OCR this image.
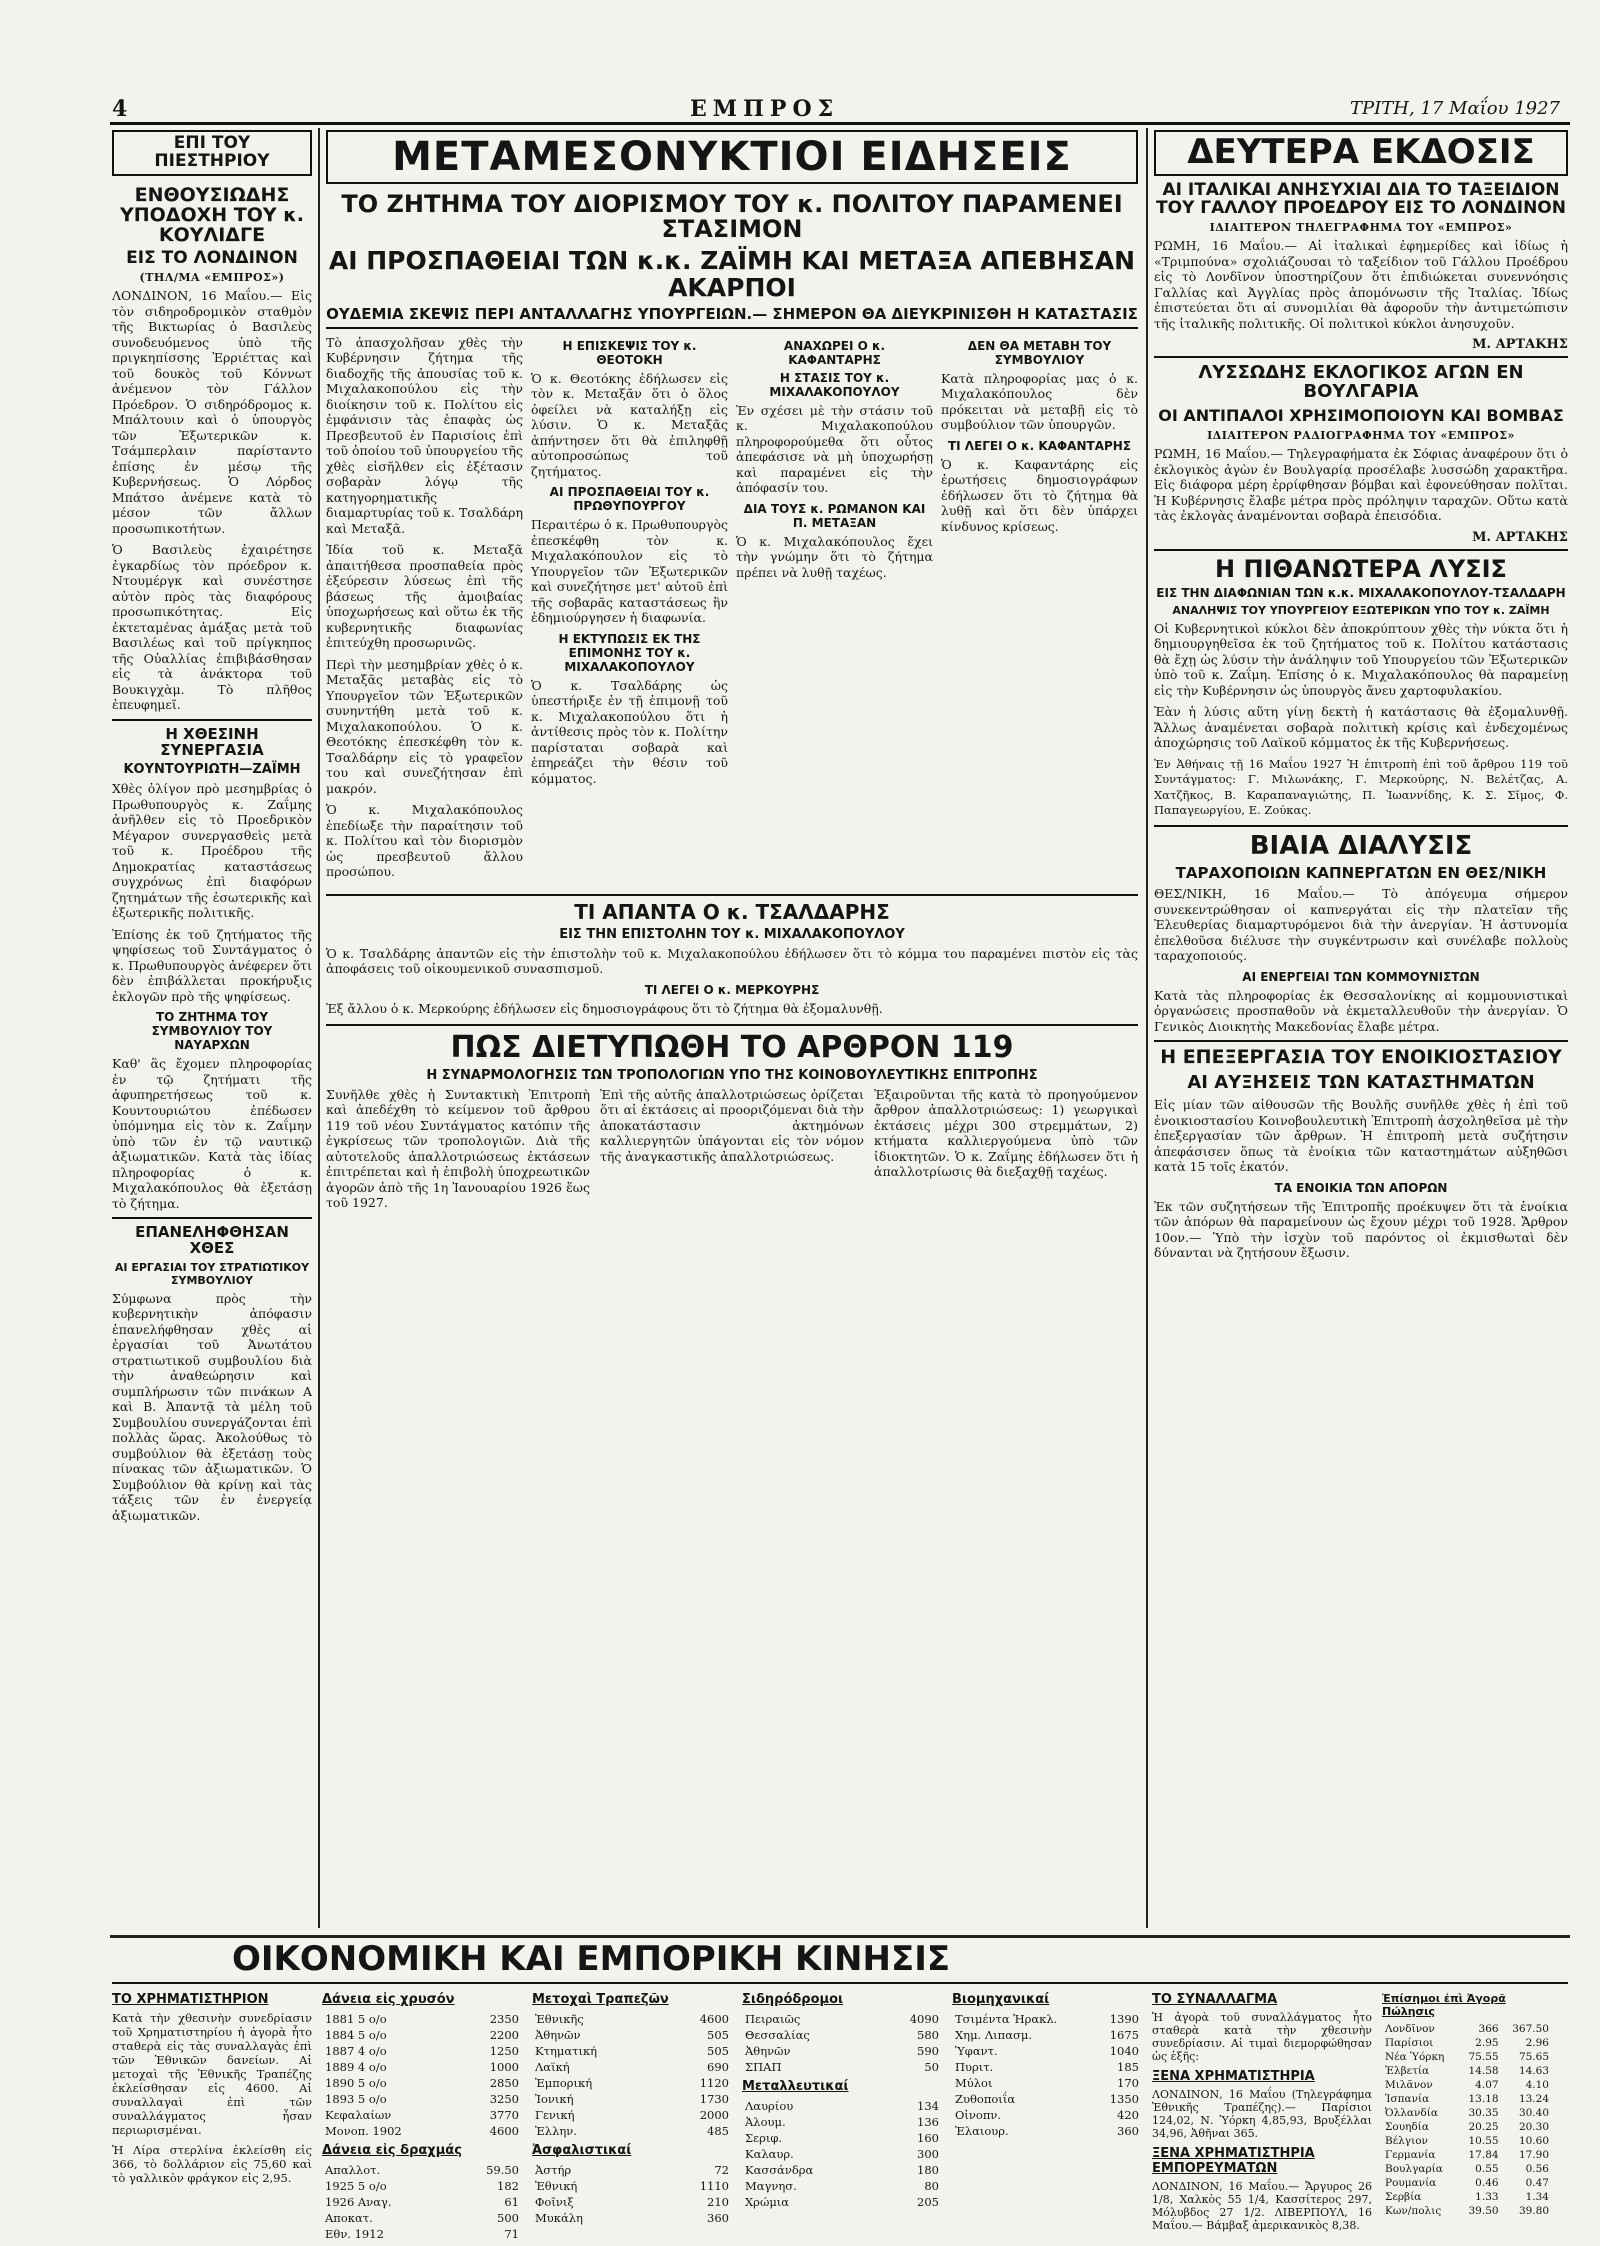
4	ΕΜΠΡΟΣ	ΤΡΙΤΗ, 17 Μαΐου 1927
ΕΠΙ ΤΟΥ ΠΙΕΣΤΗΡΙΟΥ
ΕΝΘΟΥΣΙΩΔΗΣ ΥΠΟΔΟΧΗ ΤΟΥ κ. ΚΟΥΛΙΔΓΕ
ΕΙΣ ΤΟ ΛΟΝΔΙΝΟΝ
(ΤΗΛ/ΜΑ «ΕΜΠΡΟΣ»)

ΛΟΝΔΙΝΟΝ, 16 Μαΐου.— Εἰς τὸν σιδηροδρομικὸν σταθμὸν τῆς Βικτωρίας ὁ Βασιλεὺς συνοδευόμενος ὑπὸ τῆς πριγκηπίσσης Ἐρριέττας καὶ τοῦ δουκὸς τοῦ Κόννωτ ἀνέμενον τὸν Γάλλον Πρόεδρον. Ὁ σιδηρόδρομος κ. Μπάλτουιν καὶ ὁ ὑπουργὸς τῶν Ἐξωτερικῶν κ. Τσάμπερλαιν παρίσταντο ἐπίσης ἐν μέσῳ τῆς Κυβερνήσεως. Ὁ Λόρδος Μπάτσο ἀνέμενε κατὰ τὸ μέσον τῶν ἄλλων προσωπικοτήτων.

Ὁ Βασιλεὺς ἐχαιρέτησε ἐγκαρδίως τὸν πρόεδρον κ. Ντουμέργκ καὶ συνέστησε αὐτὸν πρὸς τὰς διαφόρους προσωπικότητας. Εἰς ἐκτεταμένας ἀμάξας μετὰ τοῦ Βασιλέως καὶ τοῦ πρίγκηπος τῆς Οὐαλλίας ἐπιβιβάσθησαν εἰς τὰ ἀνάκτορα τοῦ Βουκιγχὰμ. Τὸ πλῆθος ἐπευφημεῖ.

Η ΧΘΕΣΙΝΗ ΣΥΝΕΡΓΑΣΙΑ
ΚΟΥΝΤΟΥΡΙΩΤΗ—ΖΑΪΜΗ

Χθὲς ὀλίγον πρὸ μεσημβρίας ὁ Πρωθυπουργὸς κ. Ζαΐμης ἀνῆλθεν εἰς τὸ Προεδρικὸν Μέγαρον συνεργασθεὶς μετὰ τοῦ κ. Προέδρου τῆς Δημοκρατίας καταστάσεως συγχρόνως ἐπὶ διαφόρων ζητημάτων τῆς ἐσωτερικῆς καὶ ἐξωτερικῆς πολιτικῆς.

Ἐπίσης ἐκ τοῦ ζητήματος τῆς ψηφίσεως τοῦ Συντάγματος ὁ κ. Πρωθυπουργὸς ἀνέφερεν ὅτι δὲν ἐπιβάλλεται προκήρυξις ἐκλογῶν πρὸ τῆς ψηφίσεως.

ΤΟ ΖΗΤΗΜΑ ΤΟΥ ΣΥΜΒΟΥΛΙΟΥ ΤΟΥ ΝΑΥΑΡΧΩΝ

Καθ' ἃς ἔχομεν πληροφορίας ἐν τῷ ζητήματι τῆς ἀφυπηρετήσεως τοῦ κ. Κουντουριώτου ἐπέδωσεν ὑπόμνημα εἰς τὸν κ. Ζαΐμην ὑπὸ τῶν ἐν τῷ ναυτικῷ ἀξιωματικῶν. Κατὰ τὰς ἰδίας πληροφορίας ὁ κ. Μιχαλακόπουλος θὰ ἐξετάσῃ τὸ ζήτημα.

ΕΠΑΝΕΛΗΦΘΗΣΑΝ ΧΘΕΣ
ΑΙ ΕΡΓΑΣΙΑΙ ΤΟΥ ΣΤΡΑΤΙΩΤΙΚΟΥ ΣΥΜΒΟΥΛΙΟΥ

Σύμφωνα πρὸς τὴν κυβερνητικὴν ἀπόφασιν ἐπανελήφθησαν χθὲς αἱ ἐργασίαι τοῦ Ἀνωτάτου στρατιωτικοῦ συμβουλίου διὰ τὴν ἀναθεώρησιν καὶ συμπλήρωσιν τῶν πινάκων Α καὶ Β. Ἀπαντᾷ τὰ μέλη τοῦ Συμβουλίου συνεργάζονται ἐπὶ πολλὰς ὥρας. Ἀκολούθως τὸ συμβούλιον θὰ ἐξετάσῃ τοὺς πίνακας τῶν ἀξιωματικῶν. Ὁ Συμβούλιον θὰ κρίνῃ καὶ τὰς τάξεις τῶν ἐν ἐνεργείᾳ ἀξιωματικῶν.

ΜΕΤΑΜΕΣΟΝΥΚΤΙΟΙ ΕΙΔΗΣΕΙΣ
ΤΟ ΖΗΤΗΜΑ ΤΟΥ ΔΙΟΡΙΣΜΟΥ ΤΟΥ κ. ΠΟΛΙΤΟΥ ΠΑΡΑΜΕΝΕΙ ΣΤΑΣΙΜΟΝ
ΑΙ ΠΡΟΣΠΑΘΕΙΑΙ ΤΩΝ κ.κ. ΖΑΪΜΗ ΚΑΙ ΜΕΤΑΞΑ ΑΠΕΒΗΣΑΝ ΑΚΑΡΠΟΙ
ΟΥΔΕΜΙΑ ΣΚΕΨΙΣ ΠΕΡΙ ΑΝΤΑΛΛΑΓΗΣ ΥΠΟΥΡΓΕΙΩΝ.— ΣΗΜΕΡΟΝ ΘΑ ΔΙΕΥΚΡΙΝΙΣΘΗ Η ΚΑΤΑΣΤΑΣΙΣ

Τὸ ἀπασχολῆσαν χθὲς τὴν Κυβέρνησιν ζήτημα τῆς διαδοχῆς τῆς ἀπουσίας τοῦ κ. Μιχαλακοπούλου εἰς τὴν διοίκησιν τοῦ κ. Πολίτου εἰς ἐμφάνισιν τὰς ἐπαφὰς ὡς Πρεσβευτοῦ ἐν Παρισίοις ἐπὶ τοῦ ὁποίου τοῦ ὑπουργείου τῆς χθὲς εἰσῆλθεν εἰς ἐξέτασιν σοβαρὰν λόγῳ τῆς κατηγορηματικῆς διαμαρτυρίας τοῦ κ. Τσαλδάρη καὶ Μεταξᾶ.

Ἰδία τοῦ κ. Μεταξᾶ ἀπαιτήθεσα προσπαθεία πρὸς ἐξεύρεσιν λύσεως ἐπὶ τῆς βάσεως τῆς ἀμοιβαίας ὑποχωρήσεως καὶ οὕτω ἐκ τῆς κυβερνητικῆς διαφωνίας ἐπιτεύχθη προσωρινῶς.

Περὶ τὴν μεσημβρίαν χθὲς ὁ κ. Μεταξᾶς μεταβὰς εἰς τὸ Υπουργεῖον τῶν Ἐξωτερικῶν συνηντήθη μετὰ τοῦ κ. Μιχαλακοπούλου. Ὁ κ. Θεοτόκης ἐπεσκέφθη τὸν κ. Τσαλδάρην εἰς τὸ γραφεῖον του καὶ συνεζήτησαν ἐπὶ μακρόν.

Ὁ κ. Μιχαλακόπουλος ἐπεδίωξε τὴν παραίτησιν τοῦ κ. Πολίτου καὶ τὸν διορισμὸν ὡς πρεσβευτοῦ ἄλλου προσώπου.

Η ΕΠΙΣΚΕΨΙΣ ΤΟΥ κ. ΘΕΟΤΟΚΗ

Ὁ κ. Θεοτόκης ἐδήλωσεν εἰς τὸν κ. Μεταξᾶν ὅτι ὁ ὅλος ὀφείλει νὰ καταλήξῃ εἰς λύσιν. Ὁ κ. Μεταξᾶς ἀπήντησεν ὅτι θὰ ἐπιληφθῇ αὐτοπροσώπως τοῦ ζητήματος.

ΑΙ ΠΡΟΣΠΑΘΕΙΑΙ ΤΟΥ κ. ΠΡΩΘΥΠΟΥΡΓΟΥ

Περαιτέρω ὁ κ. Πρωθυπουργὸς ἐπεσκέφθη τὸν κ. Μιχαλακόπουλον εἰς τὸ Υπουργεῖον τῶν Ἐξωτερικῶν καὶ συνεζήτησε μετ' αὐτοῦ ἐπὶ τῆς σοβαρᾶς καταστάσεως ἣν ἐδημιούργησεν ἡ διαφωνία.

Η ΕΚΤΥΠΩΣΙΣ ΕΚ ΤΗΣ ΕΠΙΜΟΝΗΣ ΤΟΥ κ. ΜΙΧΑΛΑΚΟΠΟΥΛΟΥ

Ὁ κ. Τσαλδάρης ὡς ὑπεστήριξε ἐν τῇ ἐπιμονῇ τοῦ κ. Μιχαλακοπούλου ὅτι ἡ ἀντίθεσις πρὸς τὸν κ. Πολίτην παρίσταται σοβαρὰ καὶ ἐπηρεάζει τὴν θέσιν τοῦ κόμματος.

ΑΝΑΧΩΡΕΙ Ο κ. ΚΑΦΑΝΤΑΡΗΣ
Η ΣΤΑΣΙΣ ΤΟΥ κ. ΜΙΧΑΛΑΚΟΠΟΥΛΟΥ

Ἐν σχέσει μὲ τὴν στάσιν τοῦ κ. Μιχαλακοπούλου πληροφορούμεθα ὅτι οὗτος ἀπεφάσισε νὰ μὴ ὑποχωρήσῃ καὶ παραμένει εἰς τὴν ἀπόφασίν του.

ΔΙΑ ΤΟΥΣ κ. ΡΩΜΑΝΟΝ ΚΑΙ Π. ΜΕΤΑΞΑΝ

Ὁ κ. Μιχαλακόπουλος ἔχει τὴν γνώμην ὅτι τὸ ζήτημα πρέπει νὰ λυθῇ ταχέως.

ΔΕΝ ΘΑ ΜΕΤΑΒΗ ΤΟΥ ΣΥΜΒΟΥΛΙΟΥ

Κατὰ πληροφορίας μας ὁ κ. Μιχαλακόπουλος δὲν πρόκειται νὰ μεταβῇ εἰς τὸ συμβούλιον τῶν ὑπουργῶν.

ΤΙ ΛΕΓΕΙ Ο κ. ΚΑΦΑΝΤΑΡΗΣ

Ὁ κ. Καφαντάρης εἰς ἐρωτήσεις δημοσιογράφων ἐδήλωσεν ὅτι τὸ ζήτημα θὰ λυθῇ καὶ ὅτι δὲν ὑπάρχει κίνδυνος κρίσεως.

ΤΙ ΑΠΑΝΤΑ Ο κ. ΤΣΑΛΔΑΡΗΣ
ΕΙΣ ΤΗΝ ΕΠΙΣΤΟΛΗΝ ΤΟΥ κ. ΜΙΧΑΛΑΚΟΠΟΥΛΟΥ

Ὁ κ. Τσαλδάρης ἀπαντῶν εἰς τὴν ἐπιστολὴν τοῦ κ. Μιχαλακοπούλου ἐδήλωσεν ὅτι τὸ κόμμα του παραμένει πιστὸν εἰς τὰς ἀποφάσεις τοῦ οἰκουμενικοῦ συνασπισμοῦ.

ΤΙ ΛΕΓΕΙ Ο κ. ΜΕΡΚΟΥΡΗΣ

Ἐξ ἄλλου ὁ κ. Μερκούρης ἐδήλωσεν εἰς δημοσιογράφους ὅτι τὸ ζήτημα θὰ ἐξομαλυνθῇ.

ΠΩΣ ΔΙΕΤΥΠΩΘΗ ΤΟ ΑΡΘΡΟΝ 119
Η ΣΥΝΑΡΜΟΛΟΓΗΣΙΣ ΤΩΝ ΤΡΟΠΟΛΟΓΙΩΝ ΥΠΟ ΤΗΣ ΚΟΙΝΟΒΟΥΛΕΥΤΙΚΗΣ ΕΠΙΤΡΟΠΗΣ

Συνῆλθε χθὲς ἡ Συντακτικὴ Ἐπιτροπὴ καὶ ἀπεδέχθη τὸ κείμενον τοῦ ἄρθρου 119 τοῦ νέου Συντάγματος κατόπιν τῆς ἐγκρίσεως τῶν τροπολογιῶν. Διὰ τῆς αὐτοτελοῦς ἀπαλλοτριώσεως ἐκτάσεων ἐπιτρέπεται καὶ ἡ ἐπιβολὴ ὑποχρεωτικῶν ἀγορῶν ἀπὸ τῆς 1η Ἰανουαρίου 1926 ἕως τοῦ 1927.

Ἐπὶ τῆς αὐτῆς ἀπαλλοτριώσεως ὁρίζεται ὅτι αἱ ἐκτάσεις αἱ προοριζόμεναι διὰ τὴν ἀποκατάστασιν ἀκτημόνων καλλιεργητῶν ὑπάγονται εἰς τὸν νόμον τῆς ἀναγκαστικῆς ἀπαλλοτριώσεως.

Ἐξαιροῦνται τῆς κατὰ τὸ προηγούμενον ἄρθρον ἀπαλλοτριώσεως: 1) γεωργικαὶ ἐκτάσεις μέχρι 300 στρεμμάτων, 2) κτήματα καλλιεργούμενα ὑπὸ τῶν ἰδιοκτητῶν. Ὁ κ. Ζαΐμης ἐδήλωσεν ὅτι ἡ ἀπαλλοτρίωσις θὰ διεξαχθῇ ταχέως.

ΔΕΥΤΕΡΑ ΕΚΔΟΣΙΣ
ΑΙ ΙΤΑΛΙΚΑΙ ΑΝΗΣΥΧΙΑΙ ΔΙΑ ΤΟ ΤΑΞΕΙΔΙΟΝ ΤΟΥ ΓΑΛΛΟΥ ΠΡΟΕΔΡΟΥ ΕΙΣ ΤΟ ΛΟΝΔΙΝΟΝ
ΙΔΙΑΙΤΕΡΟΝ ΤΗΛΕΓΡΑΦΗΜΑ ΤΟΥ «ΕΜΠΡΟΣ»

ΡΩΜΗ, 16 Μαΐου.— Αἱ ἰταλικαὶ ἐφημερίδες καὶ ἰδίως ἡ «Τριμπούνα» σχολιάζουσαι τὸ ταξείδιον τοῦ Γάλλου Προέδρου εἰς τὸ Λονδῖνον ὑποστηρίζουν ὅτι ἐπιδιώκεται συνεννόησις Γαλλίας καὶ Ἀγγλίας πρὸς ἀπομόνωσιν τῆς Ἰταλίας. Ἰδίως ἐπιστεύεται ὅτι αἱ συνομιλίαι θὰ ἀφοροῦν τὴν ἀντιμετώπισιν τῆς ἰταλικῆς πολιτικῆς. Οἱ πολιτικοὶ κύκλοι ἀνησυχοῦν.

Μ. ΑΡΤΑΚΗΣ
ΛΥΣΣΩΔΗΣ ΕΚΛΟΓΙΚΟΣ ΑΓΩΝ ΕΝ ΒΟΥΛΓΑΡΙΑ
ΟΙ ΑΝΤΙΠΑΛΟΙ ΧΡΗΣΙΜΟΠΟΙΟΥΝ ΚΑΙ ΒΟΜΒΑΣ
ΙΔΙΑΙΤΕΡΟΝ ΡΑΔΙΟΓΡΑΦΗΜΑ ΤΟΥ «ΕΜΠΡΟΣ»

ΡΩΜΗ, 16 Μαΐου.— Τηλεγραφήματα ἐκ Σόφιας ἀναφέρουν ὅτι ὁ ἐκλογικὸς ἀγὼν ἐν Βουλγαρίᾳ προσέλαβε λυσσώδη χαρακτῆρα. Εἰς διάφορα μέρη ἐρρίφθησαν βόμβαι καὶ ἐφονεύθησαν πολῖται. Ἡ Κυβέρνησις ἔλαβε μέτρα πρὸς πρόληψιν ταραχῶν. Οὕτω κατὰ τὰς ἐκλογὰς ἀναμένονται σοβαρὰ ἐπεισόδια.

Μ. ΑΡΤΑΚΗΣ
Η ΠΙΘΑΝΩΤΕΡΑ ΛΥΣΙΣ
ΕΙΣ ΤΗΝ ΔΙΑΦΩΝΙΑΝ ΤΩΝ κ.κ. ΜΙΧΑΛΑΚΟΠΟΥΛΟΥ-ΤΣΑΛΔΑΡΗ
ΑΝΑΛΗΨΙΣ ΤΟΥ ΥΠΟΥΡΓΕΙΟΥ ΕΞΩΤΕΡΙΚΩΝ ΥΠΟ ΤΟΥ κ. ΖΑΪΜΗ

Οἱ Κυβερνητικοὶ κύκλοι δὲν ἀποκρύπτουν χθὲς τὴν νύκτα ὅτι ἡ δημιουργηθεῖσα ἐκ τοῦ ζητήματος τοῦ κ. Πολίτου κατάστασις θὰ ἔχῃ ὡς λύσιν τὴν ἀνάληψιν τοῦ Υπουργείου τῶν Ἐξωτερικῶν ὑπὸ τοῦ κ. Ζαΐμη. Ἐπίσης ὁ κ. Μιχαλακόπουλος θὰ παραμείνῃ εἰς τὴν Κυβέρνησιν ὡς ὑπουργὸς ἄνευ χαρτοφυλακίου.

Ἐὰν ἡ λύσις αὕτη γίνῃ δεκτὴ ἡ κατάστασις θὰ ἐξομαλυνθῇ. Ἄλλως ἀναμένεται σοβαρὰ πολιτικὴ κρίσις καὶ ἐνδεχομένως ἀποχώρησις τοῦ Λαϊκοῦ κόμματος ἐκ τῆς Κυβερνήσεως.

Ἐν Ἀθήναις τῇ 16 Μαΐου 1927 Ἡ ἐπιτροπὴ ἐπὶ τοῦ ἄρθρου 119 τοῦ Συντάγματος: Γ. Μιλωνάκης, Γ. Μερκούρης, Ν. Βελέτζας, Α. Χατζῆκος, Β. Καραπαναγιώτης, Π. Ἰωαννίδης, Κ. Σ. Σῖμος, Φ. Παπαγεωργίου, Ε. Ζούκας.

ΒΙΑΙΑ ΔΙΑΛΥΣΙΣ
ΤΑΡΑΧΟΠΟΙΩΝ ΚΑΠΝΕΡΓΑΤΩΝ ΕΝ ΘΕΣ/ΝΙΚΗ

ΘΕΣ/ΝΙΚΗ, 16 Μαΐου.— Τὸ ἀπόγευμα σήμερον συνεκεντρώθησαν οἱ καπνεργάται εἰς τὴν πλατεῖαν τῆς Ἐλευθερίας διαμαρτυρόμενοι διὰ τὴν ἀνεργίαν. Ἡ ἀστυνομία ἐπελθοῦσα διέλυσε τὴν συγκέντρωσιν καὶ συνέλαβε πολλοὺς ταραχοποιούς.

ΑΙ ΕΝΕΡΓΕΙΑΙ ΤΩΝ ΚΟΜΜΟΥΝΙΣΤΩΝ

Κατὰ τὰς πληροφορίας ἐκ Θεσσαλονίκης αἱ κομμουνιστικαὶ ὀργανώσεις προσπαθοῦν νὰ ἐκμεταλλευθοῦν τὴν ἀνεργίαν. Ὁ Γενικὸς Διοικητὴς Μακεδονίας ἔλαβε μέτρα.

Η ΕΠΕΞΕΡΓΑΣΙΑ ΤΟΥ ΕΝΟΙΚΙΟΣΤΑΣΙΟΥ
ΑΙ ΑΥΞΗΣΕΙΣ ΤΩΝ ΚΑΤΑΣΤΗΜΑΤΩΝ

Εἰς μίαν τῶν αἰθουσῶν τῆς Βουλῆς συνῆλθε χθὲς ἡ ἐπὶ τοῦ ἐνοικιοστασίου Κοινοβουλευτικὴ Ἐπιτροπὴ ἀσχοληθεῖσα μὲ τὴν ἐπεξεργασίαν τῶν ἄρθρων. Ἡ ἐπιτροπὴ μετὰ συζήτησιν ἀπεφάσισεν ὅπως τὰ ἐνοίκια τῶν καταστημάτων αὐξηθῶσι κατὰ 15 τοῖς ἑκατόν.

ΤΑ ΕΝΟΙΚΙΑ ΤΩΝ ΑΠΟΡΩΝ

Ἐκ τῶν συζητήσεων τῆς Ἐπιτροπῆς προέκυψεν ὅτι τὰ ἐνοίκια τῶν ἀπόρων θὰ παραμείνουν ὡς ἔχουν μέχρι τοῦ 1928. Ἄρθρον 10ον.— Ὑπὸ τὴν ἰσχὺν τοῦ παρόντος οἱ ἐκμισθωταὶ δὲν δύνανται νὰ ζητήσουν ἔξωσιν.

ΟΙΚΟΝΟΜΙΚΗ ΚΑΙ ΕΜΠΟΡΙΚΗ ΚΙΝΗΣΙΣ
ΤΟ ΧΡΗΜΑΤΙΣΤΗΡΙΟΝ

Κατὰ τὴν χθεσινὴν συνεδρίασιν τοῦ Χρηματιστηρίου ἡ ἀγορὰ ἦτο σταθερὰ εἰς τὰς συναλλαγὰς ἐπὶ τῶν Ἐθνικῶν δανείων. Αἱ μετοχαὶ τῆς Ἐθνικῆς Τραπέζης ἐκλείσθησαν εἰς 4600. Αἱ συναλλαγαὶ ἐπὶ τῶν συναλλάγματος ἦσαν περιωρισμέναι.

Ἡ Λίρα στερλίνα ἐκλείσθη εἰς 366, τὸ δολλάριον εἰς 75,60 καὶ τὸ γαλλικὸν φράγκον εἰς 2,95.

Δάνεια εἰς χρυσόν
1881 5 ο/ο	2350
1884 5 ο/ο	2200
1887 4 ο/ο	1250
1889 4 ο/ο	1000
1890 5 ο/ο	2850
1893 5 ο/ο	3250
Κεφαλαίων	3770
Μονοπ. 1902	4600
Δάνεια εἰς δραχμάς
Απαλλοτ.	59.50
1925 5 ο/ο	182
1926 Αναγ.	61
Αποκατ.	500
Εθν. 1912	71
Μετοχαὶ Τραπεζῶν
Ἐθνικῆς	4600
Ἀθηνῶν	505
Κτηματική	505
Λαϊκή	690
Ἐμπορική	1120
Ἰονική	1730
Γενική	2000
Ἐλλην.	485
Ἀσφαλιστικαί
Ἀστήρ	72
Ἐθνική	1110
Φοῖνιξ	210
Μυκάλη	360
Σιδηρόδρομοι
Πειραιῶς	4090
Θεσσαλίας	580
Ἀθηνῶν	590
ΣΠΑΠ	50
Μεταλλευτικαί
Λαυρίου	134
Ἀλουμ.	136
Σεριφ.	160
Καλαυρ.	300
Κασσάνδρα	180
Μαγνησ.	80
Χρώμια	205
Βιομηχανικαί
Τσιμέντα Ἡρακλ.	1390
Χημ. Λιπασμ.	1675
Ὑφαντ.	1040
Πυριτ.	185
Μύλοι	170
Ζυθοποιΐα	1350
Οἰνοπν.	420
Ἐλαιουρ.	360
ΤΟ ΣΥΝΑΛΛΑΓΜΑ

Ἡ ἀγορὰ τοῦ συναλλάγματος ἦτο σταθερὰ κατὰ τὴν χθεσινὴν συνεδρίασιν. Αἱ τιμαὶ διεμορφώθησαν ὡς ἑξῆς:

ΞΕΝΑ ΧΡΗΜΑΤΙΣΤΗΡΙΑ

ΛΟΝΔΙΝΟΝ, 16 Μαΐου (Τηλεγράφημα Ἐθνικῆς Τραπέζης).— Παρίσιοι 124,02, Ν. Ὑόρκη 4,85,93, Βρυξέλλαι 34,96, Ἀθῆναι 365.

ΞΕΝΑ ΧΡΗΜΑΤΙΣΤΗΡΙΑ ΕΜΠΟΡΕΥΜΑΤΩΝ

ΛΟΝΔΙΝΟΝ, 16 Μαΐου.— Ἄργυρος 26 1/8, Χαλκὸς 55 1/4, Κασσίτερος 297, Μόλυβδος 27 1/2. ΛΙΒΕΡΠΟΥΛ, 16 Μαΐου.— Βάμβαξ ἀμερικανικὸς 8,38.

Ἐπίσημοι ἐπὶ Ἀγορᾶ Πώλησις
Λονδῖνον	366	367.50
Παρίσιοι	2.95	2.96
Νέα Ὑόρκη	75.55	75.65
Ἐλβετία	14.58	14.63
Μιλᾶνον	4.07	4.10
Ἰσπανία	13.18	13.24
Ὀλλανδία	30.35	30.40
Σουηδία	20.25	20.30
Βέλγιον	10.55	10.60
Γερμανία	17.84	17.90
Βουλγαρία	0.55	0.56
Ρουμανία	0.46	0.47
Σερβία	1.33	1.34
Κων/πολις	39.50	39.80
